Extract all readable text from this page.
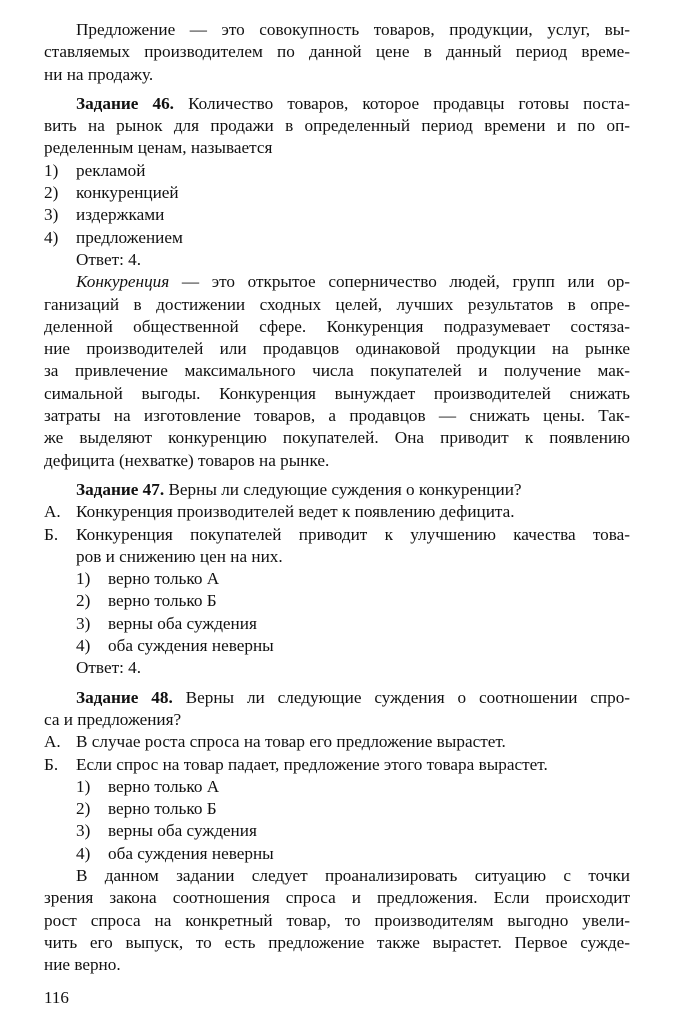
Предложение — это совокупность товаров, продукции, услуг, вы-
ставляемых производителем по данной цене в данный период време-
ни на продажу.
Задание 46. Количество товаров, которое продавцы готовы поста-
вить на рынок для продажи в определенный период времени и по оп-
ределенным ценам, называется
1) рекламой
2) конкуренцией
3) издержками
4) предложением
Ответ: 4.
Конкуренция — это открытое соперничество людей, групп или ор-
ганизаций в достижении сходных целей, лучших результатов в опре-
деленной общественной сфере. Конкуренция подразумевает состяза-
ние производителей или продавцов одинаковой продукции на рынке
за привлечение максимального числа покупателей и получение мак-
симальной выгоды. Конкуренция вынуждает производителей снижать
затраты на изготовление товаров, а продавцов — снижать цены. Так-
же выделяют конкуренцию покупателей. Она приводит к появлению
дефицита (нехватке) товаров на рынке.
Задание 47. Верны ли следующие суждения о конкуренции?
А. Конкуренция производителей ведет к появлению дефицита.
Б. Конкуренция покупателей приводит к улучшению качества това-
ров и снижению цен на них.
1) верно только А
2) верно только Б
3) верны оба суждения
4) оба суждения неверны
Ответ: 4.
Задание 48. Верны ли следующие суждения о соотношении спро-
са и предложения?
А. В случае роста спроса на товар его предложение вырастет.
Б. Если спрос на товар падает, предложение этого товара вырастет.
1) верно только А
2) верно только Б
3) верны оба суждения
4) оба суждения неверны
В данном задании следует проанализировать ситуацию с точки
зрения закона соотношения спроса и предложения. Если происходит
рост спроса на конкретный товар, то производителям выгодно увели-
чить его выпуск, то есть предложение также вырастет. Первое сужде-
ние верно.
116
